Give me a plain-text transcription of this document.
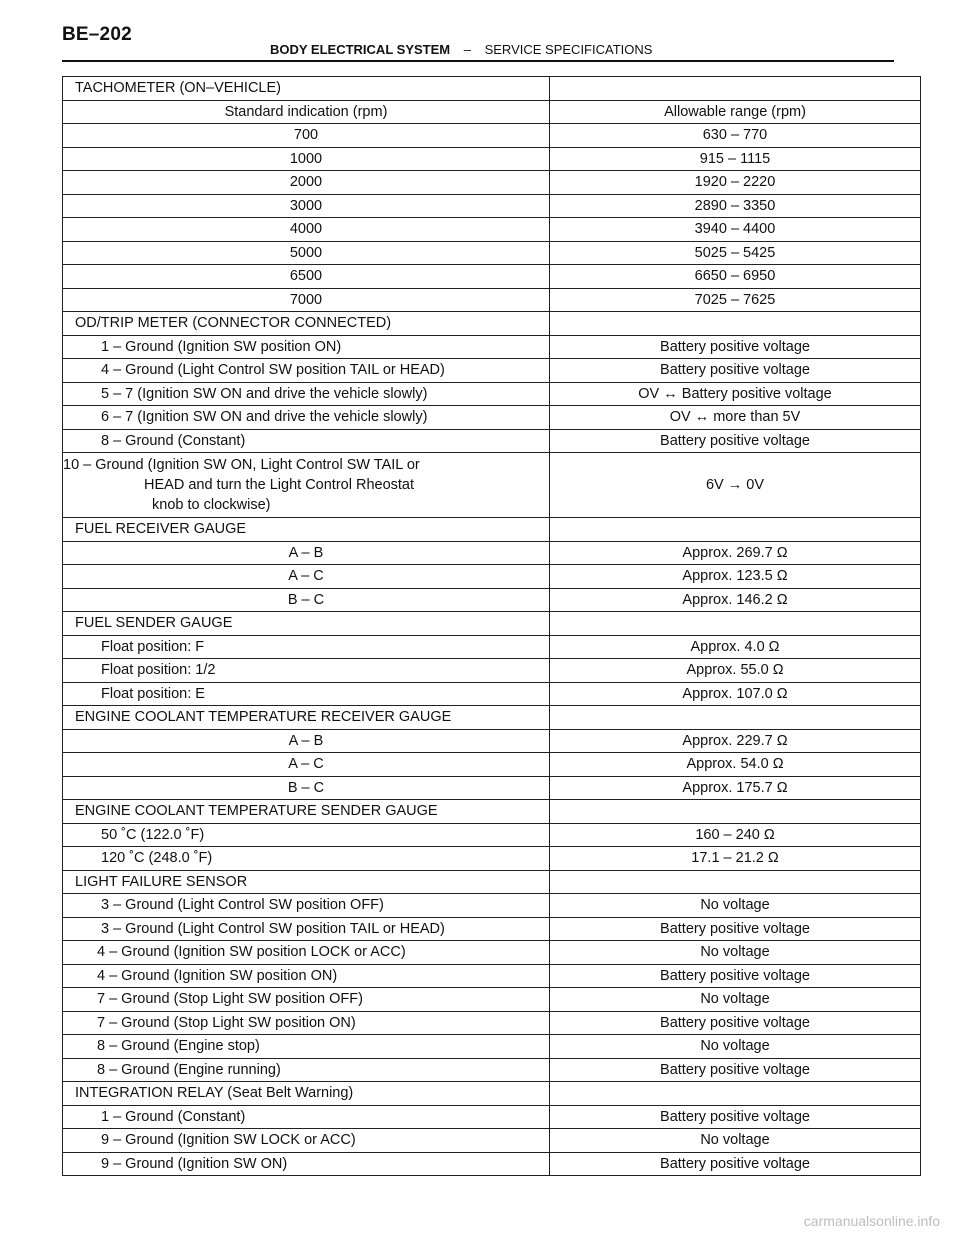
BE–202
BODY ELECTRICAL SYSTEM – SERVICE SPECIFICATIONS
TACHOMETER (ON–VEHICLE)	
Standard indication (rpm)	Allowable range (rpm)
700	630 – 770
1000	915 – 1115
2000	1920 – 2220
3000	2890 – 3350
4000	3940 – 4400
5000	5025 – 5425
6500	6650 – 6950
7000	7025 – 7625
OD/TRIP METER (CONNECTOR CONNECTED)	
1 – Ground (Ignition SW position ON)	Battery positive voltage
4 – Ground (Light Control SW position TAIL or HEAD)	Battery positive voltage
5 – 7 (Ignition SW ON and drive the vehicle slowly)	OV ↔ Battery positive voltage
6 – 7 (Ignition SW ON and drive the vehicle slowly)	OV ↔ more than 5V
8 – Ground (Constant)	Battery positive voltage

10 – Ground (Ignition SW ON, Light Control SW TAIL or
HEAD and turn the Light Control Rheostat
knob to clockwise)	6V → 0V
FUEL RECEIVER GAUGE	
A – B	Approx. 269.7 Ω
A – C	Approx. 123.5 Ω
B – C	Approx. 146.2 Ω
FUEL SENDER GAUGE	
Float position: F	Approx. 4.0 Ω
Float position: 1/2	Approx. 55.0 Ω
Float position: E	Approx. 107.0 Ω
ENGINE COOLANT TEMPERATURE RECEIVER GAUGE	
A – B	Approx. 229.7 Ω
A – C	Approx. 54.0 Ω
B – C	Approx. 175.7 Ω
ENGINE COOLANT TEMPERATURE SENDER GAUGE	
50 ˚C (122.0 ˚F)	160 – 240 Ω
120 ˚C (248.0 ˚F)	17.1 – 21.2 Ω
LIGHT FAILURE SENSOR	
3 – Ground (Light Control SW position OFF)	No voltage
3 – Ground (Light Control SW position TAIL or HEAD)	Battery positive voltage
4 – Ground (Ignition SW position LOCK or ACC)	No voltage
4 – Ground (Ignition SW position ON)	Battery positive voltage
7 – Ground (Stop Light SW position OFF)	No voltage
7 – Ground (Stop Light SW position ON)	Battery positive voltage
8 – Ground (Engine stop)	No voltage
8 – Ground (Engine running)	Battery positive voltage
INTEGRATION RELAY (Seat Belt Warning)	
1 – Ground (Constant)	Battery positive voltage
9 – Ground (Ignition SW LOCK or ACC)	No voltage
9 – Ground (Ignition SW ON)	Battery positive voltage
carmanualsonline.info
